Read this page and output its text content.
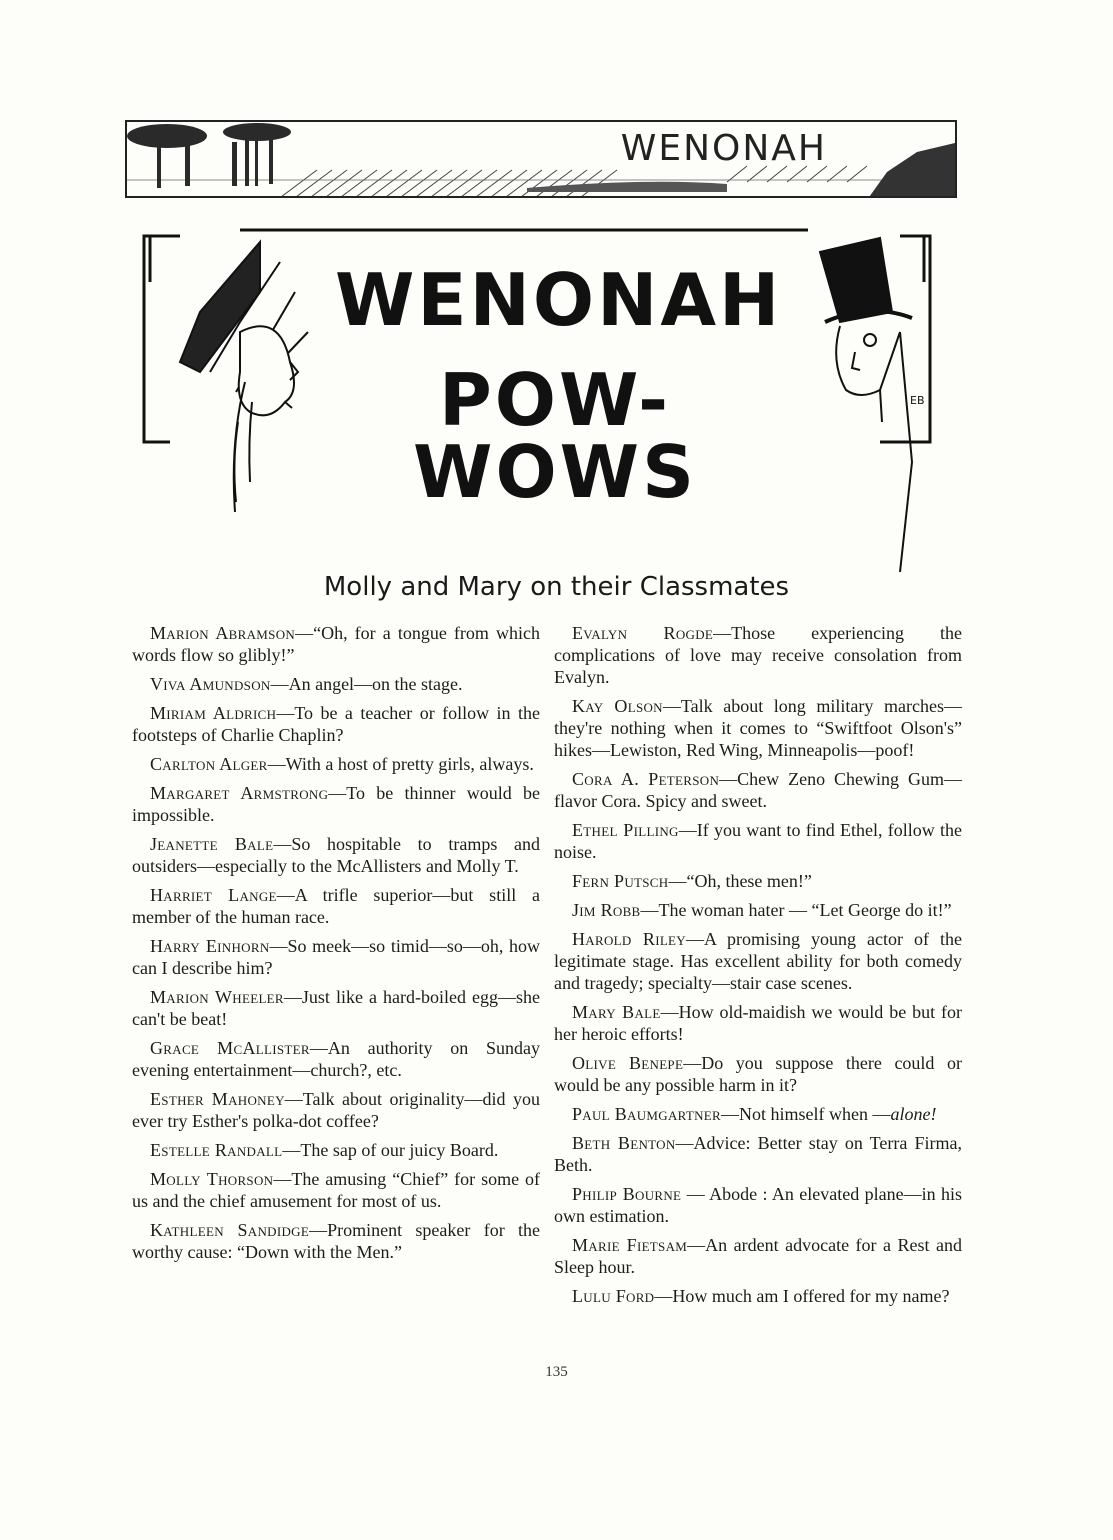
WENONAH
EB
WENONAH
POW-WOWS
Molly and Mary on their Classmates

Marion Abramson—“Oh, for a tongue from which words flow so glibly!”

Viva Amundson—An angel—on the stage.

Miriam Aldrich—To be a teacher or follow in the footsteps of Charlie Chaplin?

Carlton Alger—With a host of pretty girls, always.

Margaret Armstrong—To be thinner would be impossible.

Jeanette Bale—So hospitable to tramps and outsiders—especially to the McAllisters and Molly T.

Harriet Lange—A trifle superior—but still a member of the human race.

Harry Einhorn—So meek—so timid—so—oh, how can I describe him?

Marion Wheeler—Just like a hard-boiled egg—she can't be beat!

Grace McAllister—An authority on Sunday evening entertainment—church?, etc.

Esther Mahoney—Talk about originality—did you ever try Esther's polka-dot coffee?

Estelle Randall—The sap of our juicy Board.

Molly Thorson—The amusing “Chief” for some of us and the chief amusement for most of us.

Kathleen Sandidge—Prominent speaker for the worthy cause: “Down with the Men.”

Evalyn Rogde—Those experiencing the complications of love may receive consolation from Evalyn.

Kay Olson—Talk about long military marches—they're nothing when it comes to “Swiftfoot Olson's” hikes—Lewiston, Red Wing, Minneapolis—poof!

Cora A. Peterson—Chew Zeno Chewing Gum—flavor Cora. Spicy and sweet.

Ethel Pilling—If you want to find Ethel, follow the noise.

Fern Putsch—“Oh, these men!”

Jim Robb—The woman hater — “Let George do it!”

Harold Riley—A promising young actor of the legitimate stage. Has excellent ability for both comedy and tragedy; specialty—stair case scenes.

Mary Bale—How old-maidish we would be but for her heroic efforts!

Olive Benepe—Do you suppose there could or would be any possible harm in it?

Paul Baumgartner—Not himself when —alone!

Beth Benton—Advice: Better stay on Terra Firma, Beth.

Philip Bourne — Abode : An elevated plane—in his own estimation.

Marie Fietsam—An ardent advocate for a Rest and Sleep hour.

Lulu Ford—How much am I offered for my name?

135
